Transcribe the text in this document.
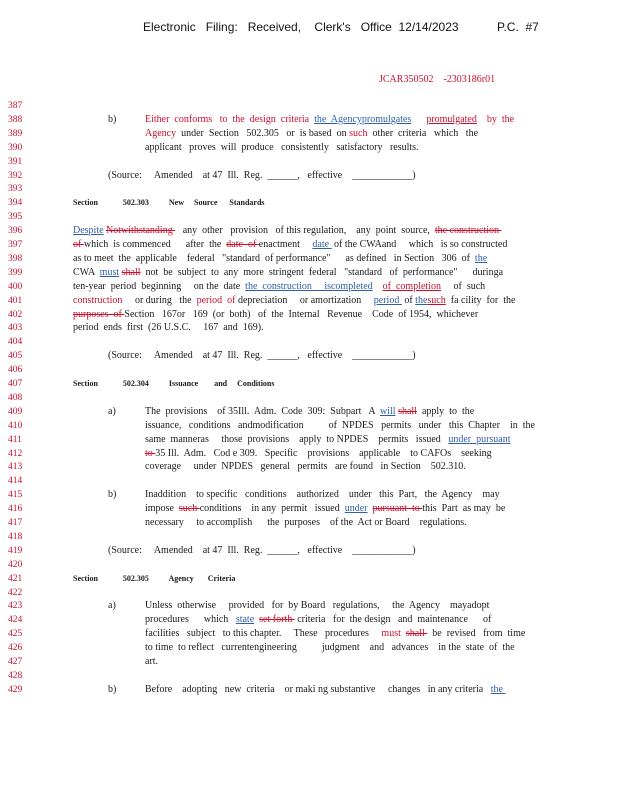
Electronic   Filing:   Received,    Clerk's   Office  12/14/2023	P.C.  #7
JCAR350502    -2303186r01
387
388
389
390
391
392
393
394
395
396
397
398
399
400
401
402
403
404
405
406
407
408
409
410
411
412
413
414
415
416
417
418
419
420
421
422
423
424
425
426
427
428
429
b)	Either  conforms   to  the  design  criteria  the  Agencypromulgates promulgated    by  the
Agency  under  Section   502.305   or  is based  on such  other  criteria   which   the
applicant   proves  will  produce   consistently   satisfactory   results.
(Source:     Amended    at 47  Ill.  Reg.  ______,   effective    ____________)
Section	502.303          New     Source      Standards
Despite Notwithstanding    any  other   provision   of this regulation,    any  point  source,  the construction
of which  is commenced      after  the  date  of enactment     date  of the CWAand     which   is so constructed
as to meet  the  applicable    federal   "standard  of performance"      as defined   in Section   306  of  the
CWA  must shall  not  be  subject  to  any  more  stringent  federal   "standard   of  performance"      duringa
ten-year  period  beginning     on the  date  the  construction     iscompleted of  completion     of  such
construction     or during   the  period  of depreciation     or amortization     period  of thesuch  fa cility  for  the
purposes  of Section   167or   169  (or  both)   of  the  Internal   Revenue    Code  of 1954,  whichever
period  ends  first  (26 U.S.C.     167  and  169).
(Source:     Amended    at 47  Ill.  Reg.  ______,   effective    ____________)
Section	502.304          Issuance        and     Conditions
a)	The  provisions    of 35Ill.  Adm.  Code  309:  Subpart   A  will shall  apply  to  the
issuance,   conditions   andmodification          of  NPDES   permits   under   this  Chapter    in  the
same  manneras     those  provisions    apply  to NPDES    permits   issued   under  pursuant
to 35 Ill.  Adm.   Cod e 309.   Specific    provisions    applicable    to CAFOs    seeking
coverage     under  NPDES   general   permits   are found   in Section    502.310.
b)	Inaddition    to specific   conditions    authorized    under   this  Part,   the  Agency    may
impose  such conditions    in any  permit   issued  under pursuant  to this  Part  as may  be
necessary     to accomplish      the  purposes    of the  Act or Board    regulations.
(Source:     Amended    at 47  Ill.  Reg.  ______,   effective    ____________)
Section	502.305          Agency       Criteria
a)	Unless  otherwise     provided   for  by Board   regulations,     the  Agency    mayadopt
procedures      which   state set forth  criteria   for  the design   and  maintenance      of
facilities   subject   to this chapter.     These   procedures     must shall   be  revised   from  time
to time  to reflect   currentengineering          judgment    and   advances    in the  state  of  the
art.
b)	Before    adopting   new  criteria    or maki ng substantive     changes   in any criteria   the
